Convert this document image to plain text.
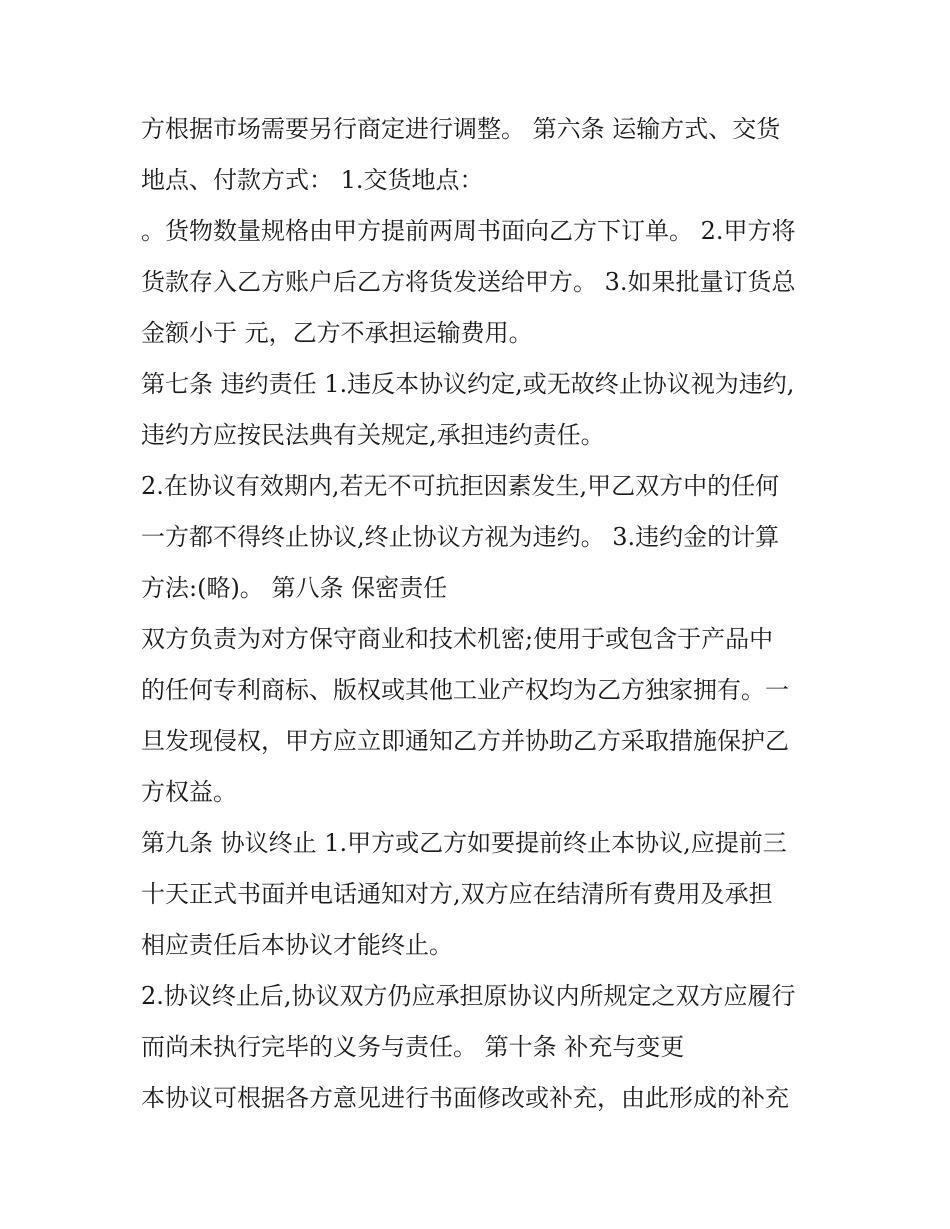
方根据市场需要另行商定进行调整。 第六条 运输方式、交货
地点、付款方式： 1.交货地点：
。货物数量规格由甲方提前两周书面向乙方下订单。 2.甲方将
货款存入乙方账户后乙方将货发送给甲方。 3.如果批量订货总
金额小于 元，乙方不承担运输费用。
第七条 违约责任 1.违反本协议约定,或无故终止协议视为违约,
违约方应按民法典有关规定,承担违约责任。
2.在协议有效期内,若无不可抗拒因素发生,甲乙双方中的任何
一方都不得终止协议,终止协议方视为违约。 3.违约金的计算
方法:(略)。 第八条 保密责任
双方负责为对方保守商业和技术机密;使用于或包含于产品中
的任何专利商标、版权或其他工业产权均为乙方独家拥有。一
旦发现侵权，甲方应立即通知乙方并协助乙方采取措施保护乙
方权益。
第九条 协议终止 1.甲方或乙方如要提前终止本协议,应提前三
十天正式书面并电话通知对方,双方应在结清所有费用及承担
相应责任后本协议才能终止。
2.协议终止后,协议双方仍应承担原协议内所规定之双方应履行
而尚未执行完毕的义务与责任。 第十条 补充与变更
本协议可根据各方意见进行书面修改或补充，由此形成的补充
